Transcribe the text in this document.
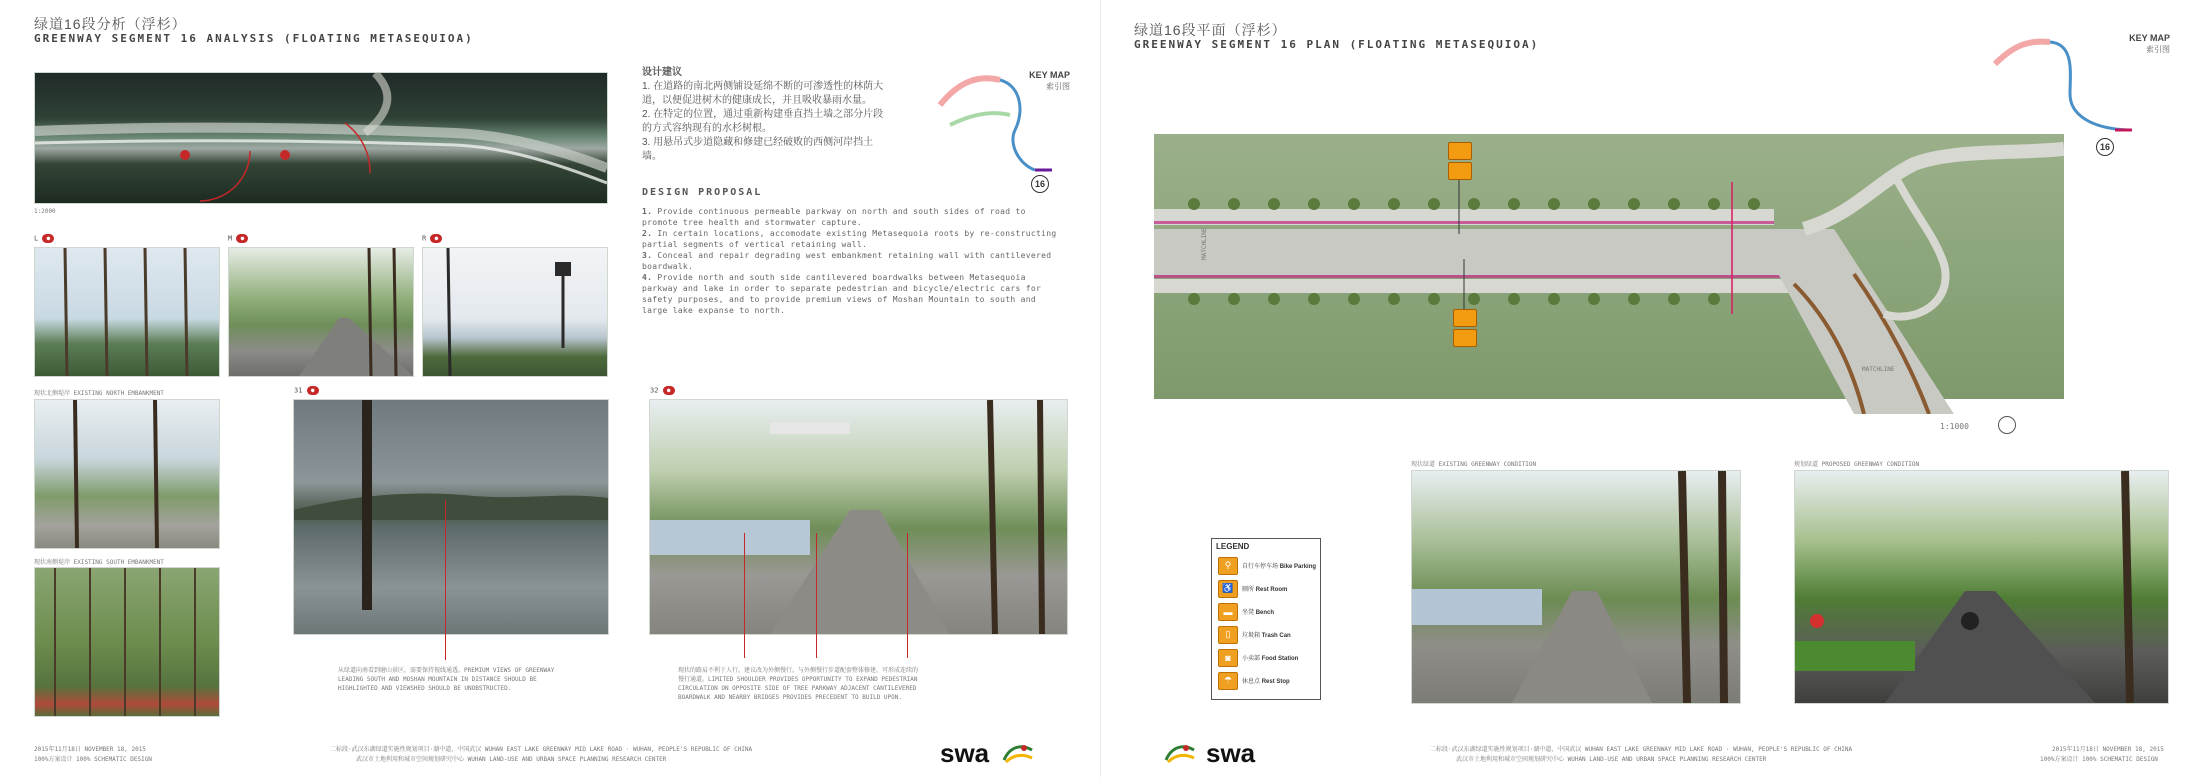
绿道16段分析（浮杉）
GREENWAY SEGMENT 16 ANALYSIS (FLOATING METASEQUIOA)
1:2000
KEY MAP
索引图
16
L ●	M ●	R ●
现状北侧堤岸 EXISTING NORTH EMBANKMENT
现状南侧堤岸 EXISTING SOUTH EMBANKMENT
31 ●
从绿道向南看到磨山景区，需要保持视线通透。PREMIUM VIEWS OF GREENWAY LEADING SOUTH AND MOSHAN MOUNTAIN IN DISTANCE SHOULD BE HIGHLIGHTED AND VIEWSHED SHOULD BE UNOBSTRUCTED.
设计建议
1. 在道路的南北两侧铺设延绵不断的可渗透性的林荫大道，以便促进树木的健康成长，并且吸收暴雨水量。
2. 在特定的位置，通过重新构建垂直挡土墙之部分片段的方式容纳现有的水杉树根。
3. 用悬吊式步道隐藏和修建已经破败的西侧河岸挡土墙。
DESIGN PROPOSAL
1. Provide continuous permeable parkway on north and south sides of road to promote tree health and stormwater capture.
2. In certain locations, accomodate existing Metasequoia roots by re-constructing partial segments of vertical retaining wall.
3. Conceal and repair degrading west embankment retaining wall with cantilevered boardwalk.
4. Provide north and south side cantilevered boardwalks between Metasequoia parkway and lake in order to separate pedestrian and bicycle/electric cars for safety purposes, and to provide premium views of Moshan Mountain to south and large lake expanse to north.
32 ●
现状的路肩不利于人行，建议改为外侧慢行。与外侧慢行步道配套整体修建，可形成连续的慢行通道。LIMITED SHOULDER PROVIDES OPPORTUNITY TO EXPAND PEDESTRIAN CIRCULATION ON OPPOSITE SIDE OF TREE PARKWAY ADJACENT CANTILEVERED BOARDWALK AND NEARBY BRIDGES PROVIDES PRECEDENT TO BUILD UPON.
2015年11月18日 NOVEMBER 18, 2015
100%方案设计 100% SCHEMATIC DESIGN
二标段·武汉东湖绿道实施性规划项目·湖中道，中国武汉 WUHAN EAST LAKE GREENWAY MID LAKE ROAD · WUHAN, PEOPLE'S REPUBLIC OF CHINA
武汉市土地利用和城市空间规划研究中心 WUHAN LAND-USE AND URBAN SPACE PLANNING RESEARCH CENTER	swa
绿道16段平面（浮杉）
GREENWAY SEGMENT 16 PLAN (FLOATING METASEQUIOA)	KEY MAP
索引图
16
MATCHLINE
MATCHLINE
1:1000
LEGEND
⚲	自行车停车场 Bike Parking
♿	厕所 Rest Room
▬	坐凳 Bench
▯	垃圾箱 Trash Can
◙	小卖部 Food Station
☂	休息点 Rest Stop
现状绿道 EXISTING GREENWAY CONDITION	规划绿道 PROPOSED GREENWAY CONDITION
swa	二标段·武汉东湖绿道实施性规划项目·湖中道，中国武汉 WUHAN EAST LAKE GREENWAY MID LAKE ROAD · WUHAN, PEOPLE'S REPUBLIC OF CHINA
武汉市土地利用和城市空间规划研究中心 WUHAN LAND-USE AND URBAN SPACE PLANNING RESEARCH CENTER
2015年11月18日 NOVEMBER 18, 2015
100%方案设计 100% SCHEMATIC DESIGN
